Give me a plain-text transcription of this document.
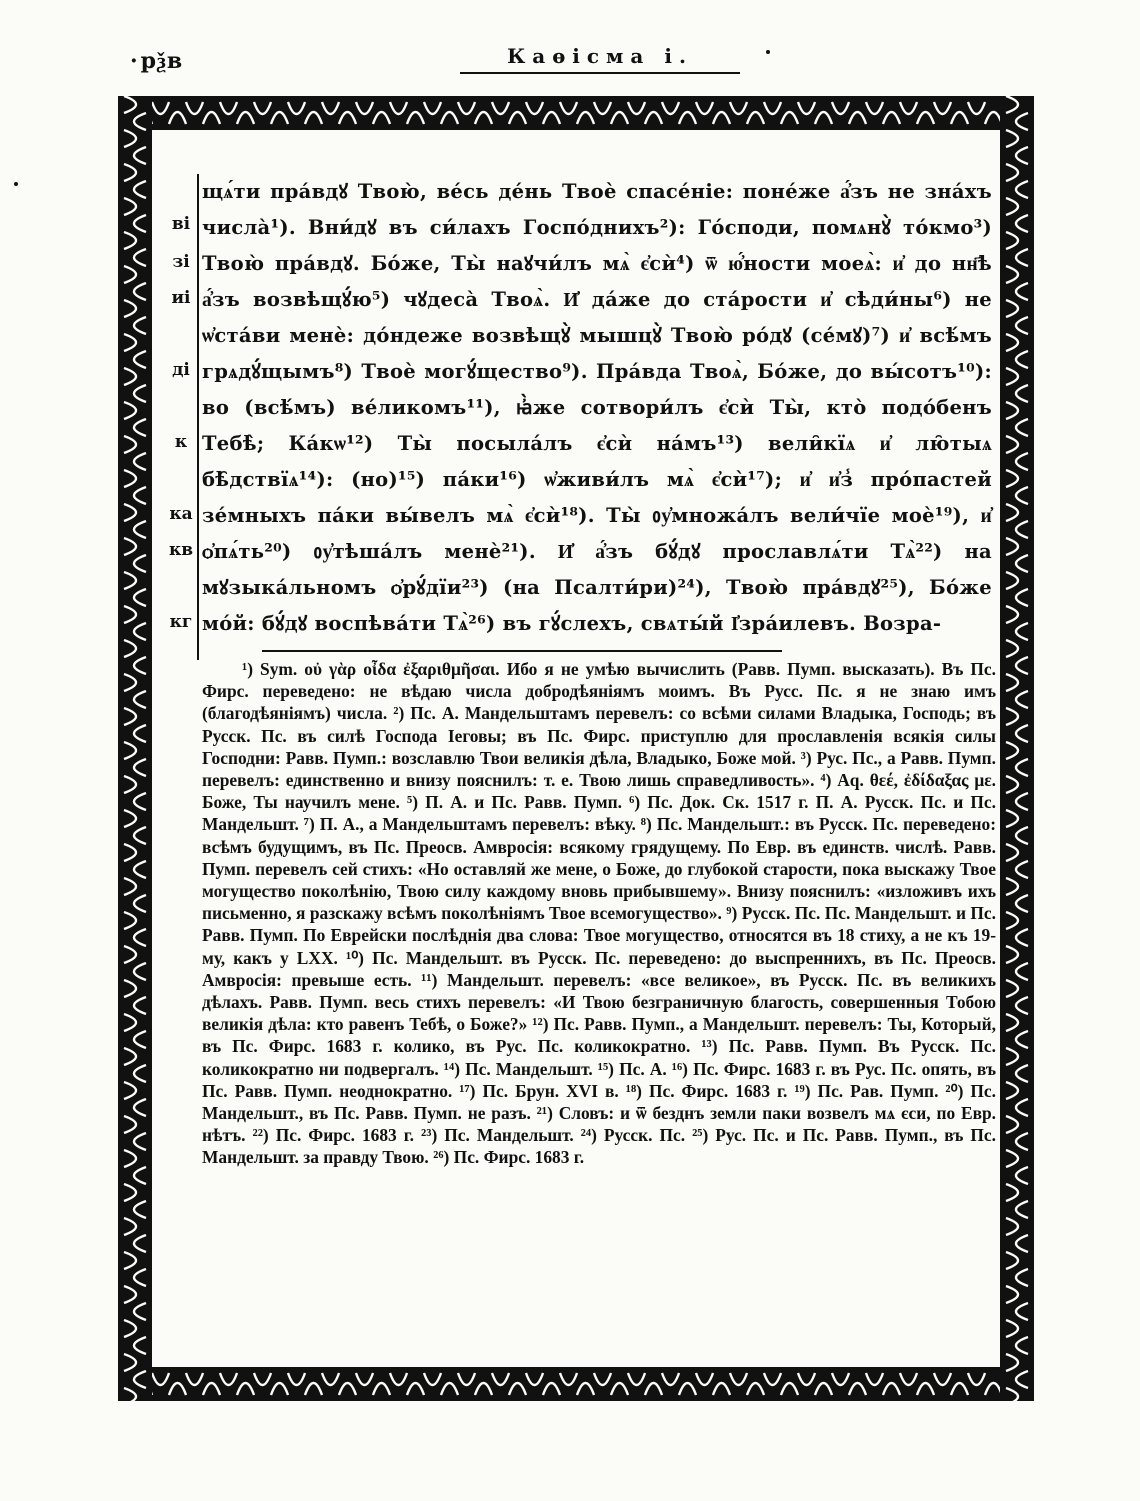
· рѯв	Каѳісма і.
ві
зі
иі
ді
к
ка
кв
кг
щѧ́ти пра́вдꙋ Твою̀, ве́сь де́нь Твоѐ спасе́ніе: поне́же а҆́зъ не зна́хъ числа̀¹). Вни́дꙋ въ си́лахъ Госпо́днихъ²): Го́споди, помѧнꙋ̀ то́кмо³) Твою̀ пра́вдꙋ. Бо́же, Ты̀ наꙋчи́лъ мѧ̀ є҆сѝ⁴) ѿ ю҆́ности моеѧ̀: и҆ до нн҃ѣ а҆́зъ возвѣщꙋ́ю⁵) чꙋдеса̀ Твоѧ̀. И҆ да́же до ста́рости и҆ сѣди́ны⁶) не ѡ҆ста́ви менѐ: до́ндеже возвѣщꙋ̀ мышцꙋ̀ Твою̀ ро́дꙋ (се́мꙋ)⁷) и҆ всѣ́мъ грѧдꙋ́щымъ⁸) Твоѐ могꙋ́щество⁹). Пра́вда Твоѧ̀, Бо́же, до вы́сотъ¹⁰): во (всѣ́мъ) ве́ликомъ¹¹), ꙗ҆̀же сотвори́лъ є҆сѝ Ты̀, кто̀ подо́бенъ Тебѣ̀; Ка́кѡ¹²) Ты̀ посыла́лъ є҆сѝ на́мъ¹³) вели̑кїѧ и҆ лю̑тыѧ бѣ̑дствїѧ¹⁴): (но)¹⁵) па́ки¹⁶) ѡ҆живи́лъ мѧ̀ є҆сѝ¹⁷); и҆ и҆з̾ про́пастей зе́мныхъ па́ки вы́велъ мѧ̀ є҆сѝ¹⁸). Ты̀ ᲂу҆множа́лъ вели́чїе моѐ¹⁹), и҆ ѻ҆пѧ́ть²⁰) ᲂу҆тѣша́лъ менѐ²¹). И҆ а҆́зъ бꙋ́дꙋ прославлѧ́ти Тѧ̀²²) на мꙋзыка́льномъ ѻ҆рꙋ́дїи²³) (на Псалти́ри)²⁴), Твою̀ пра́вдꙋ²⁵), Бо́же мо́й: бꙋ́дꙋ воспѣва́ти Тѧ̀²⁶) въ гꙋ́слехъ, свѧты́й І҆зра́илевъ. Возра-

¹) Sym. οὐ γὰρ οἶδα ἐξαριθμῆσαι. Ибо я не умѣю вычислить (Равв. Пумп. высказать). Въ Пс. Фирс. переведено: не вѣдаю числа добродѣяніямъ моимъ. Въ Русс. Пс. я не знаю имъ (благодѣяніямъ) числа. ²) Пс. А. Мандельштамъ перевелъ: со всѣми силами Владыка, Господь; въ Русск. Пс. въ силѣ Господа Іеговы; въ Пс. Фирс. приступлю для прославленія всякія силы Господни: Равв. Пумп.: возславлю Твои великія дѣла, Владыко, Боже мой. ³) Рус. Пс., а Равв. Пумп. перевелъ: единственно и внизу пояснилъ: т. е. Твою лишь справедливость». ⁴) Aq. θεέ, ἐδίδαξας με. Боже, Ты научилъ мене. ⁵) П. А. и Пс. Равв. Пумп. ⁶) Пс. Док. Ск. 1517 г. П. А. Русск. Пс. и Пс. Мандельшт. ⁷) П. А., а Мандельштамъ перевелъ: вѣку. ⁸) Пс. Мандельшт.: въ Русск. Пс. переведено: всѣмъ будущимъ, въ Пс. Преосв. Амвросія: всякому грядущему. По Евр. въ единств. числѣ. Равв. Пумп. перевелъ сей стихъ: «Но оставляй же мене, о Боже, до глубокой старости, пока выскажу Твое могущество поколѣнію, Твою силу каждому вновь прибывшему». Внизу пояснилъ: «изложивъ ихъ письменно, я разскажу всѣмъ поколѣніямъ Твое всемогущество». ⁹) Русск. Пс. Пс. Мандельшт. и Пс. Равв. Пумп. По Еврейски послѣднія два слова: Твое могущество, относятся въ 18 стиху, а не къ 19-му, какъ у LXX. ¹⁰) Пс. Мандельшт. въ Русск. Пс. переведено: до выспреннихъ, въ Пс. Преосв. Амвросія: превыше есть. ¹¹) Мандельшт. перевелъ: «все великое», въ Русск. Пс. въ великихъ дѣлахъ. Равв. Пумп. весь стихъ перевелъ: «И Твою безграничную благость, совершенныя Тобою великія дѣла: кто равенъ Тебѣ, о Боже?» ¹²) Пс. Равв. Пумп., а Мандельшт. перевелъ: Ты, Который, въ Пс. Фирс. 1683 г. колико, въ Рус. Пс. коликократно. ¹³) Пс. Равв. Пумп. Въ Русск. Пс. коликократно ни подвергалъ. ¹⁴) Пс. Мандельшт. ¹⁵) Пс. А. ¹⁶) Пс. Фирс. 1683 г. въ Рус. Пс. опять, въ Пс. Равв. Пумп. неоднократно. ¹⁷) Пс. Брун. XVI в. ¹⁸) Пс. Фирс. 1683 г. ¹⁹) Пс. Рав. Пумп. ²⁰) Пс. Мандельшт., въ Пс. Равв. Пумп. не разъ. ²¹) Словъ: и ѿ безднъ земли паки возвелъ мѧ єси, по Евр. нѣтъ. ²²) Пс. Фирс. 1683 г. ²³) Пс. Мандельшт. ²⁴) Русск. Пс. ²⁵) Рус. Пс. и Пс. Равв. Пумп., въ Пс. Мандельшт. за правду Твою. ²⁶) Пс. Фирс. 1683 г.
